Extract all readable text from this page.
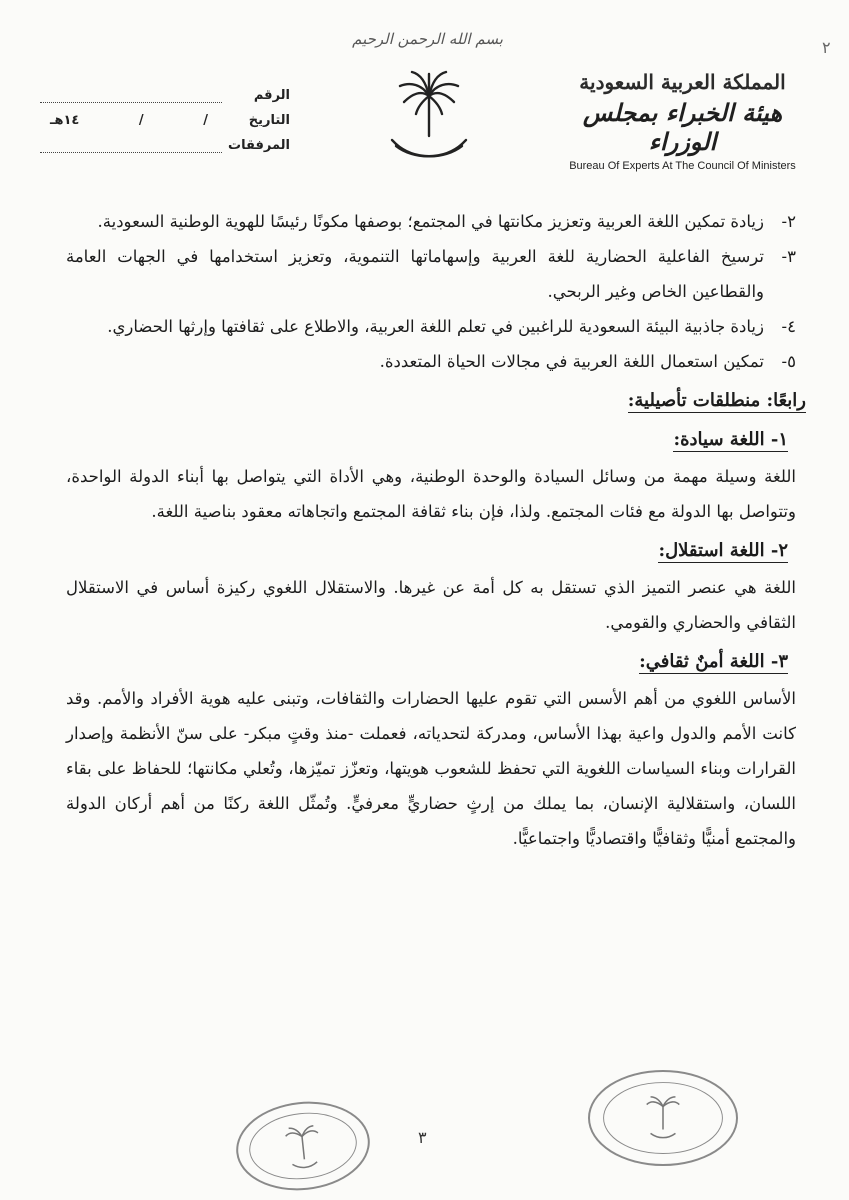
٢
بسم الله الرحمن الرحيم
المملكة العربية السعودية
هيئة الخبراء بمجلس الوزراء
Bureau Of Experts At The Council Of Ministers
الرقم
التاريخ
/
/
١٤هـ
المرفقات
٢-
زيادة تمكين اللغة العربية وتعزيز مكانتها في المجتمع؛ بوصفها مكونًا رئيسًا للهوية الوطنية السعودية.
٣-
ترسيخ الفاعلية الحضارية للغة العربية وإسهاماتها التنموية، وتعزيز استخدامها في الجهات العامة والقطاعين الخاص وغير الربحي.
٤-
زيادة جاذبية البيئة السعودية للراغبين في تعلم اللغة العربية، والاطلاع على ثقافتها وإرثها الحضاري.
٥-
تمكين استعمال اللغة العربية في مجالات الحياة المتعددة.
رابعًا: منطلقات تأصيلية:
١- اللغة سيادة:

اللغة وسيلة مهمة من وسائل السيادة والوحدة الوطنية، وهي الأداة التي يتواصل بها أبناء الدولة الواحدة، وتتواصل بها الدولة مع فئات المجتمع. ولذا، فإن بناء ثقافة المجتمع واتجاهاته معقود بناصية اللغة.

٢- اللغة استقلال:

اللغة هي عنصر التميز الذي تستقل به كل أمة عن غيرها. والاستقلال اللغوي ركيزة أساس في الاستقلال الثقافي والحضاري والقومي.

٣- اللغة أمنٌ ثقافي:

الأساس اللغوي من أهم الأسس التي تقوم عليها الحضارات والثقافات، وتبنى عليه هوية الأفراد والأمم. وقد كانت الأمم والدول واعية بهذا الأساس، ومدركة لتحدياته، فعملت -منذ وقتٍ مبكر- على سنّ الأنظمة وإصدار القرارات وبناء السياسات اللغوية التي تحفظ للشعوب هويتها، وتعزّز تميّزها، وتُعلي مكانتها؛ للحفاظ على بقاء اللسان، واستقلالية الإنسان، بما يملك من إرثٍ حضاريٍّ معرفيٍّ. وتُمثّل اللغة ركنًا من أهم أركان الدولة والمجتمع أمنيًّا وثقافيًّا واقتصاديًّا واجتماعيًّا.

٣
